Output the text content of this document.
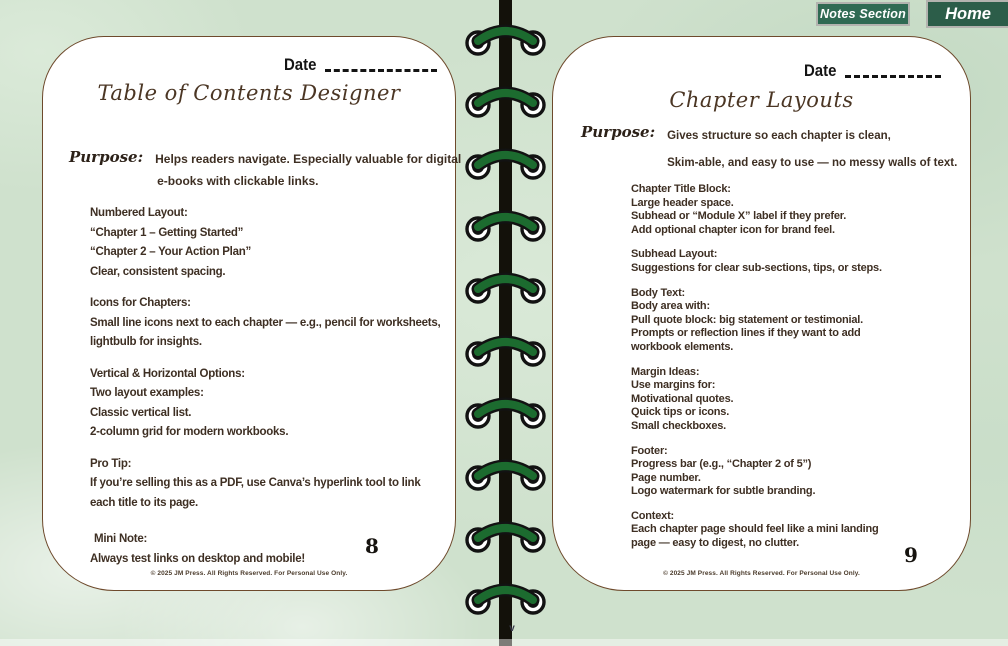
Notes Section	Home
Date
Table of Contents Designer
Purpose: Helps readers navigate. Especially valuable for digital
e-books with clickable links.
Numbered Layout:
“Chapter 1 – Getting Started”
“Chapter 2 – Your Action Plan”
Clear, consistent spacing.
Icons for Chapters:
Small line icons next to each chapter — e.g., pencil for worksheets,
lightbulb for insights.
Vertical & Horizontal Options:
Two layout examples:
Classic vertical list.
2-column grid for modern workbooks.
Pro Tip:
If you’re selling this as a PDF, use Canva’s hyperlink tool to link
each title to its page.
Mini Note:
Always test links on desktop and mobile!
8
© 2025 JM Press. All Rights Reserved. For Personal Use Only.
Date
Chapter Layouts
Purpose: Gives structure so each chapter is clean,
Skim-able, and easy to use — no messy walls of text.
Chapter Title Block:
Large header space.
Subhead or “Module X” label if they prefer.
Add optional chapter icon for brand feel.
Subhead Layout:
Suggestions for clear sub-sections, tips, or steps.
Body Text:
Body area with:
Pull quote block: big statement or testimonial.
Prompts or reflection lines if they want to add
workbook elements.
Margin Ideas:
Use margins for:
Motivational quotes.
Quick tips or icons.
Small checkboxes.
Footer:
Progress bar (e.g., “Chapter 2 of 5”)
Page number.
Logo watermark for subtle branding.
Context:
Each chapter page should feel like a mini landing
page — easy to digest, no clutter.	9
© 2025 JM Press. All Rights Reserved. For Personal Use Only.
v
